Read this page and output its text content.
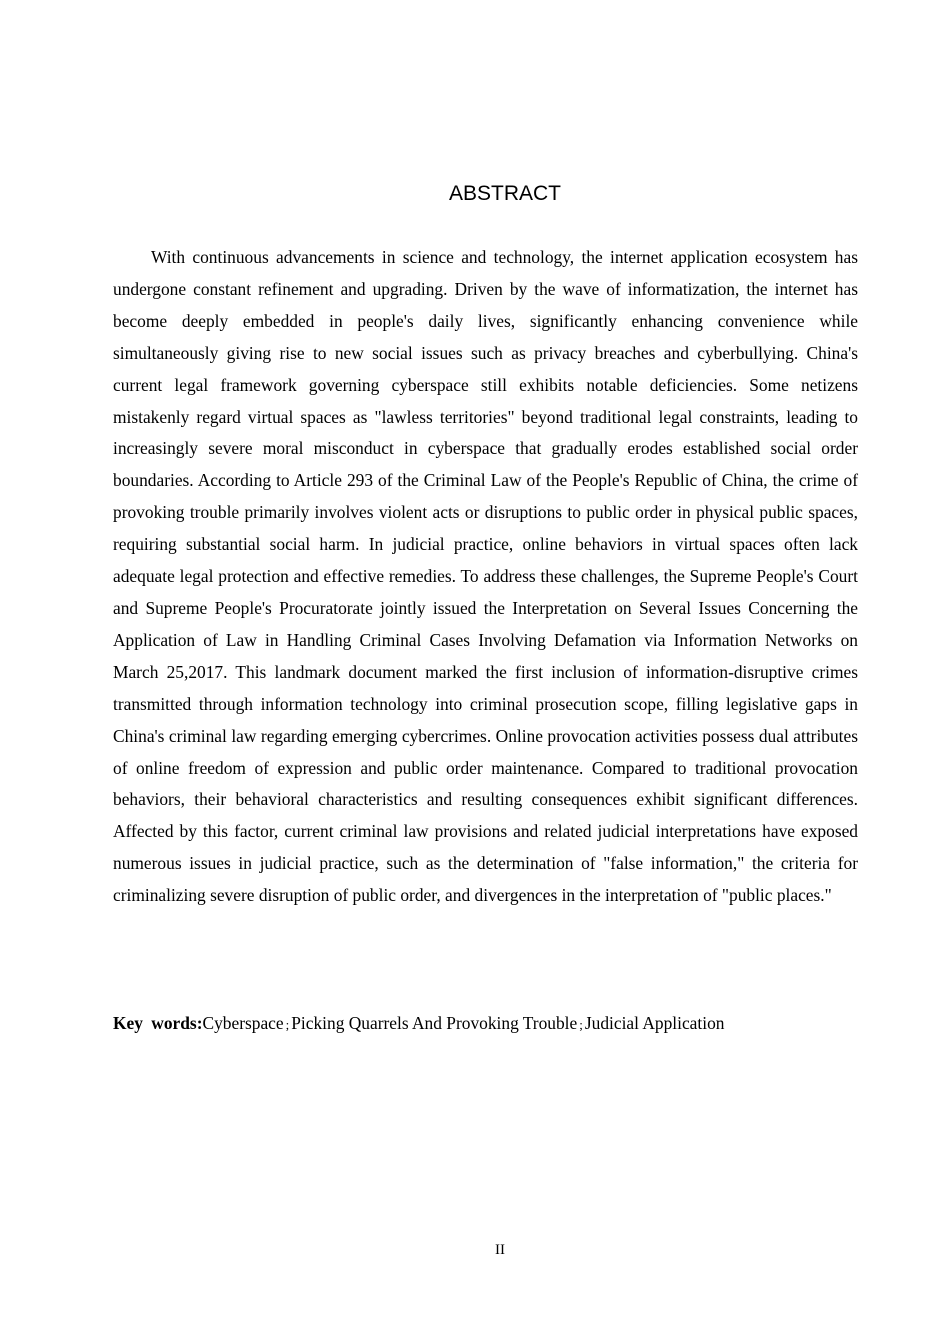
ABSTRACT

With continuous advancements in science and technology, the internet application ecosystem has undergone constant refinement and upgrading. Driven by the wave of informatization, the internet has become deeply embedded in people's daily lives, significantly enhancing convenience while simultaneously giving rise to new social issues such as privacy breaches and cyberbullying. China's current legal framework governing cyberspace still exhibits notable deficiencies. Some netizens mistakenly regard virtual spaces as "lawless territories" beyond traditional legal constraints, leading to increasingly severe moral misconduct in cyberspace that gradually erodes established social order boundaries. According to Article 293 of the Criminal Law of the People's Republic of China, the crime of provoking trouble primarily involves violent acts or disruptions to public order in physical public spaces, requiring substantial social harm. In judicial practice, online behaviors in virtual spaces often lack adequate legal protection and effective remedies. To address these challenges, the Supreme People's Court and Supreme People's Procuratorate jointly issued the Interpretation on Several Issues Concerning the Application of Law in Handling Criminal Cases Involving Defamation via Information Networks on March 25,2017. This landmark document marked the first inclusion of information-disruptive crimes transmitted through information technology into criminal prosecution scope, filling legislative gaps in China's criminal law regarding emerging cybercrimes. Online provocation activities possess dual attributes of online freedom of expression and public order maintenance. Compared to traditional provocation behaviors, their behavioral characteristics and resulting consequences exhibit significant differences. Affected by this factor, current criminal law provisions and related judicial interpretations have exposed numerous issues in judicial practice, such as the determination of "false information," the criteria for criminalizing severe disruption of public order, and divergences in the interpretation of "public places."

Key words:Cyberspace ; Picking Quarrels And Provoking Trouble ; Judicial Application

II
